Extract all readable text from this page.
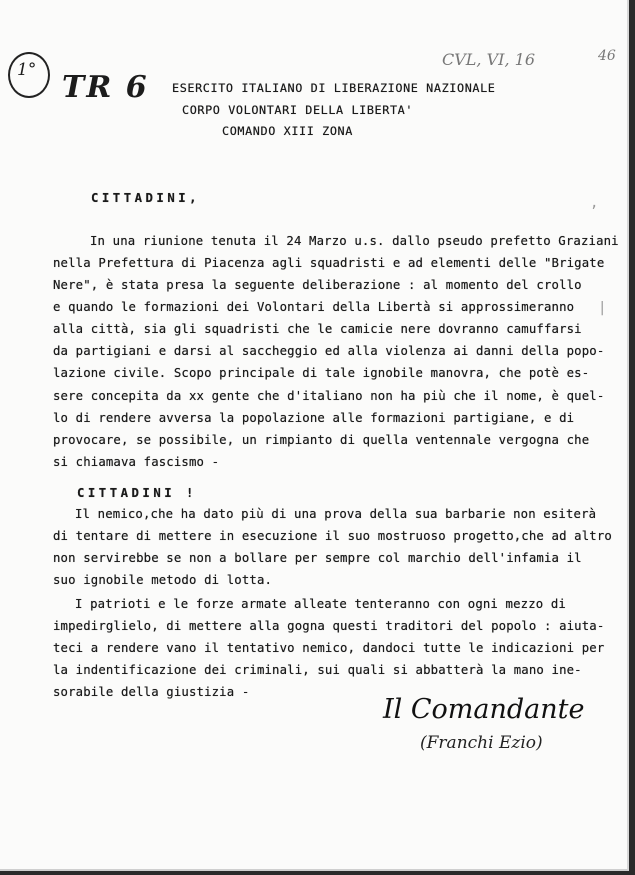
1° TR 6
CVL, VI, 16	46
,
|
ESERCITO ITALIANO DI LIBERAZIONE NAZIONALE
CORPO VOLONTARI DELLA LIBERTA'
COMANDO XIII ZONA
CITTADINI,
In una riunione tenuta il 24 Marzo u.s. dallo pseudo prefetto Graziani
nella Prefettura di Piacenza agli squadristi e ad elementi delle "Brigate
Nere", è stata presa la seguente deliberazione : al momento del crollo
e quando le formazioni dei Volontari della Libertà si approssimeranno
alla città, sia gli squadristi che le camicie nere dovranno camuffarsi
da partigiani e darsi al saccheggio ed alla violenza ai danni della popo-
lazione civile. Scopo principale di tale ignobile manovra, che potè es-
sere concepita da xx gente che d'italiano non ha più che il nome, è quel-
lo di rendere avversa la popolazione alle formazioni partigiane, e di
provocare, se possibile, un rimpianto di quella ventennale vergogna che
si chiamava fascismo -
CITTADINI !
Il nemico,che ha dato più di una prova della sua barbarie non esiterà
di tentare di mettere in esecuzione il suo mostruoso progetto,che ad altro
non servirebbe se non a bollare per sempre col marchio dell'infamia il
suo ignobile metodo di lotta.
I patrioti e le forze armate alleate tenteranno con ogni mezzo di
impedirglielo, di mettere alla gogna questi traditori del popolo : aiuta-
teci a rendere vano il tentativo nemico, dandoci tutte le indicazioni per
la indentificazione dei criminali, sui quali si abbatterà la mano ine-
sorabile della giustizia -
Il Comandante
(Franchi Ezio)
